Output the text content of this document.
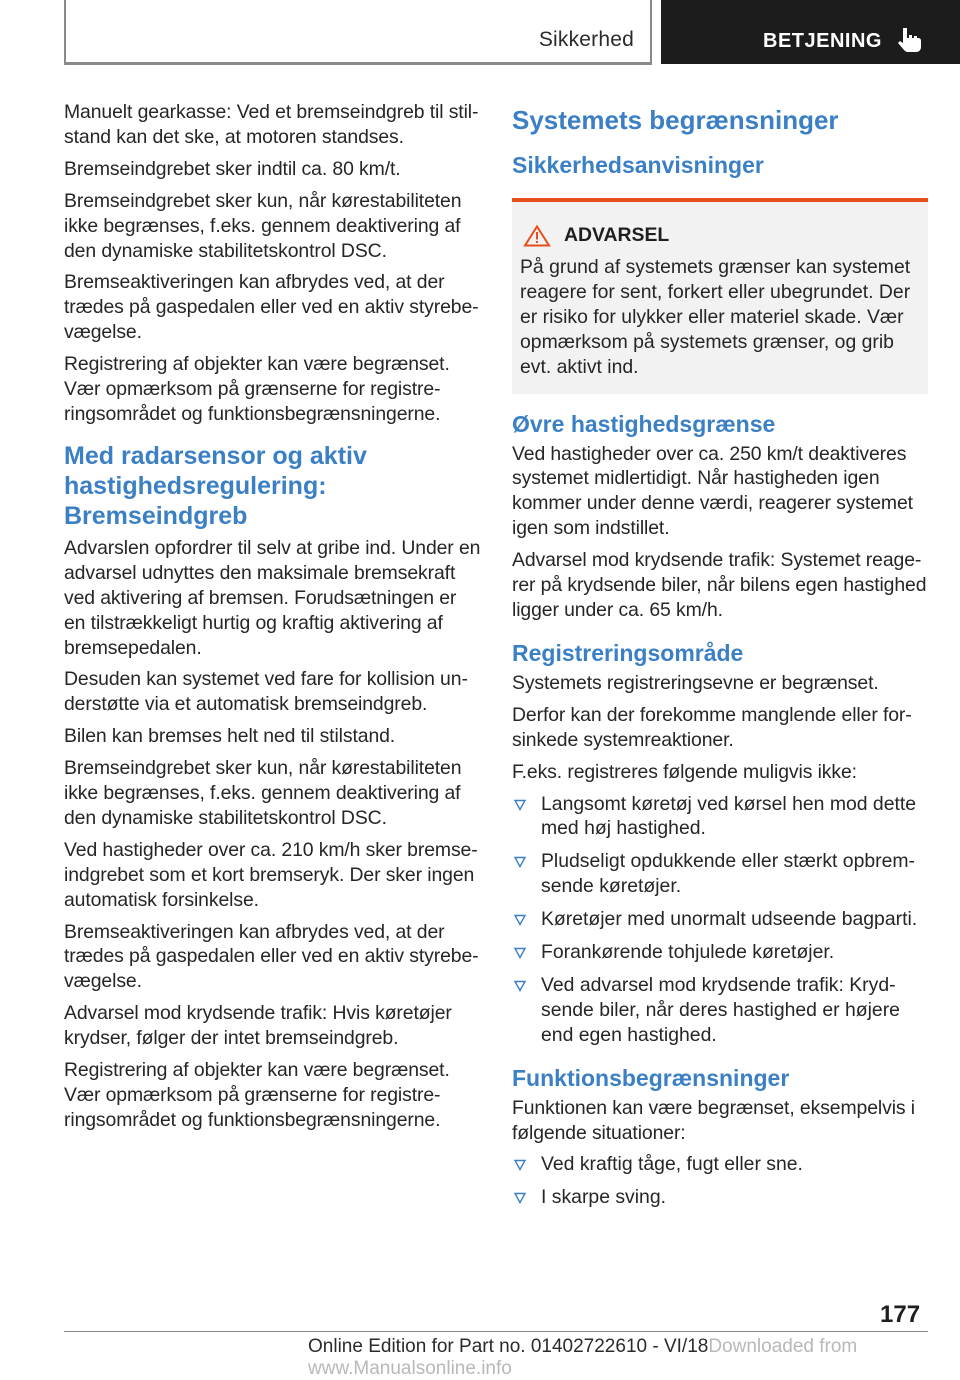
Sikkerhed	BETJENING

Manuelt gearkasse: Ved et bremseindgreb til stilstand kan det ske, at motoren standses.

Bremseindgrebet sker indtil ca. 80 km/t.

Bremseindgrebet sker kun, når kørestabiliteten ikke begrænses, f.eks. gennem deaktivering af den dynamiske stabilitetskontrol DSC.

Bremseaktiveringen kan afbrydes ved, at der trædes på gaspedalen eller ved en aktiv styrebevægelse.

Registrering af objekter kan være begrænset. Vær opmærksom på grænserne for registreringsområdet og funktionsbegrænsningerne.

Med radarsensor og aktiv hastighedsregulering: Bremseindgreb

Advarslen opfordrer til selv at gribe ind. Under en advarsel udnyttes den maksimale bremsekraft ved aktivering af bremsen. Forudsætningen er en tilstrækkeligt hurtig og kraftig aktivering af bremsepedalen.

Desuden kan systemet ved fare for kollision understøtte via et automatisk bremseindgreb.

Bilen kan bremses helt ned til stilstand.

Bremseindgrebet sker kun, når kørestabiliteten ikke begrænses, f.eks. gennem deaktivering af den dynamiske stabilitetskontrol DSC.

Ved hastigheder over ca. 210 km/h sker bremseindgrebet som et kort bremseryk. Der sker ingen automatisk forsinkelse.

Bremseaktiveringen kan afbrydes ved, at der trædes på gaspedalen eller ved en aktiv styrebevægelse.

Advarsel mod krydsende trafik: Hvis køretøjer krydser, følger der intet bremseindgreb.

Registrering af objekter kan være begrænset. Vær opmærksom på grænserne for registreringsområdet og funktionsbegrænsningerne.

Systemets begrænsninger
Sikkerhedsanvisninger
ADVARSEL
På grund af systemets grænser kan systemet reagere for sent, forkert eller ubegrundet. Der er risiko for ulykker eller materiel skade. Vær opmærksom på systemets grænser, og grib evt. aktivt ind.
Øvre hastighedsgrænse

Ved hastigheder over ca. 250 km/t deaktiveres systemet midlertidigt. Når hastigheden igen kommer under denne værdi, reagerer systemet igen som indstillet.

Advarsel mod krydsende trafik: Systemet reagerer på krydsende biler, når bilens egen hastighed ligger under ca. 65 km/h.

Registreringsområde

Systemets registreringsevne er begrænset.

Derfor kan der forekomme manglende eller forsinkede systemreaktioner.

F.eks. registreres følgende muligvis ikke:

Langsomt køretøj ved kørsel hen mod dette med høj hastighed.
Pludseligt opdukkende eller stærkt opbremsende køretøjer.
Køretøjer med unormalt udseende bagparti.
Forankørende tohjulede køretøjer.
Ved advarsel mod krydsende trafik: Krydsende biler, når deres hastighed er højere end egen hastighed.
Funktionsbegrænsninger

Funktionen kan være begrænset, eksempelvis i følgende situationer:

Ved kraftig tåge, fugt eller sne.
I skarpe sving.
177
Online Edition for Part no. 01402722610 - VI/18Downloaded from www.Manualsonline.info
